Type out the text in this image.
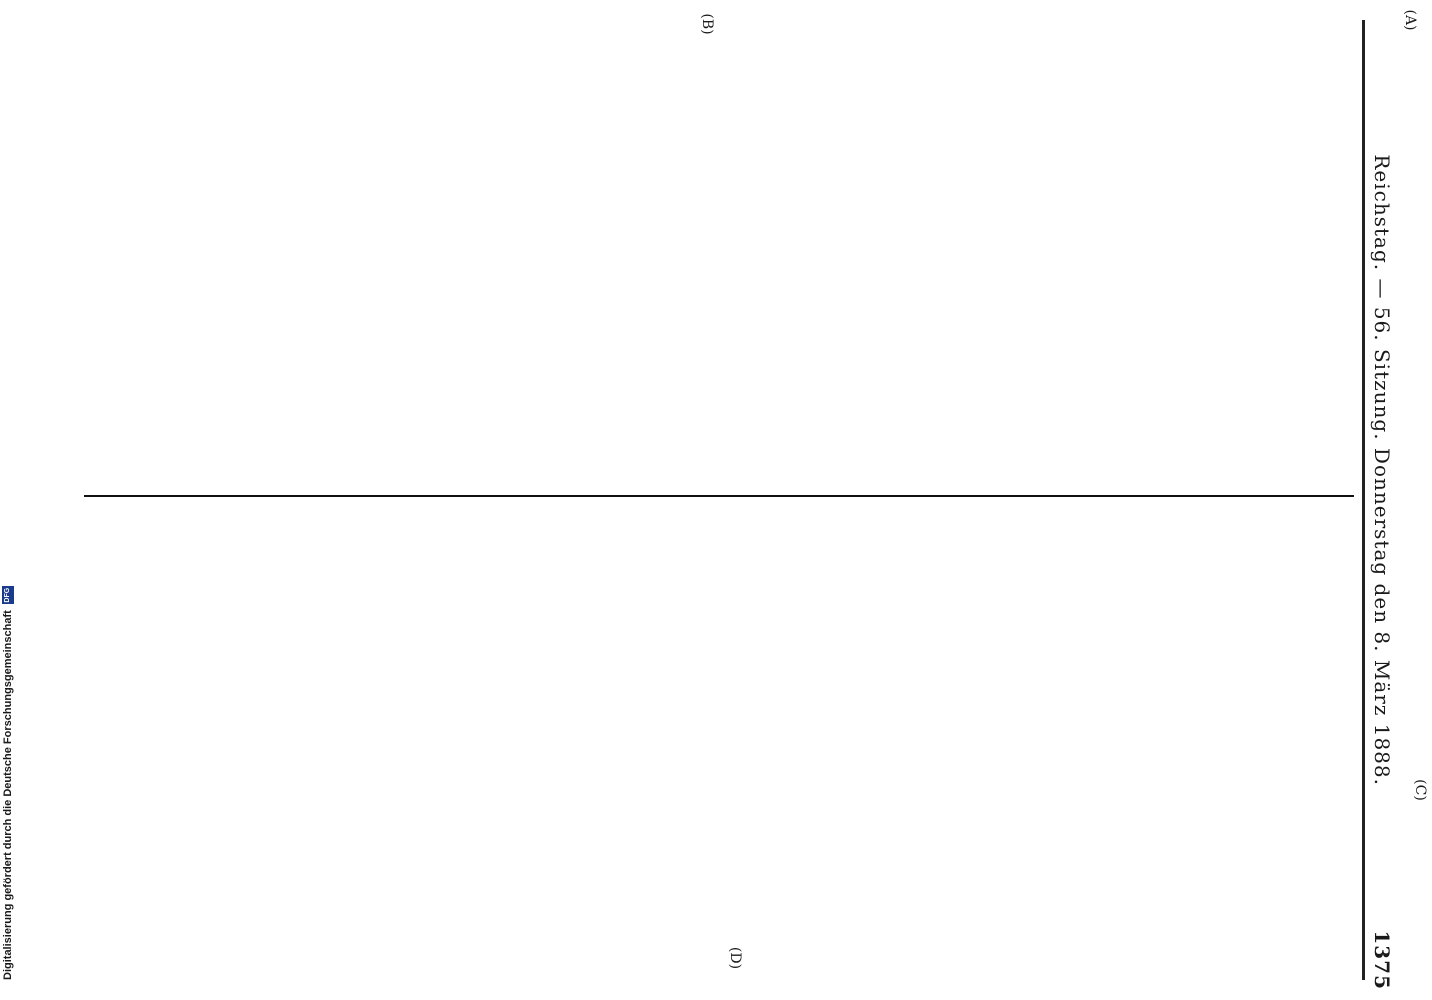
Reichstag. — 56. Sitzung. Donnerstag den 8. März 1888.
1375
(A)
(C)
(B)
(D)
Digitalisierung gefördert durch die Deutsche Forschungsgemeinschaft
DFG
